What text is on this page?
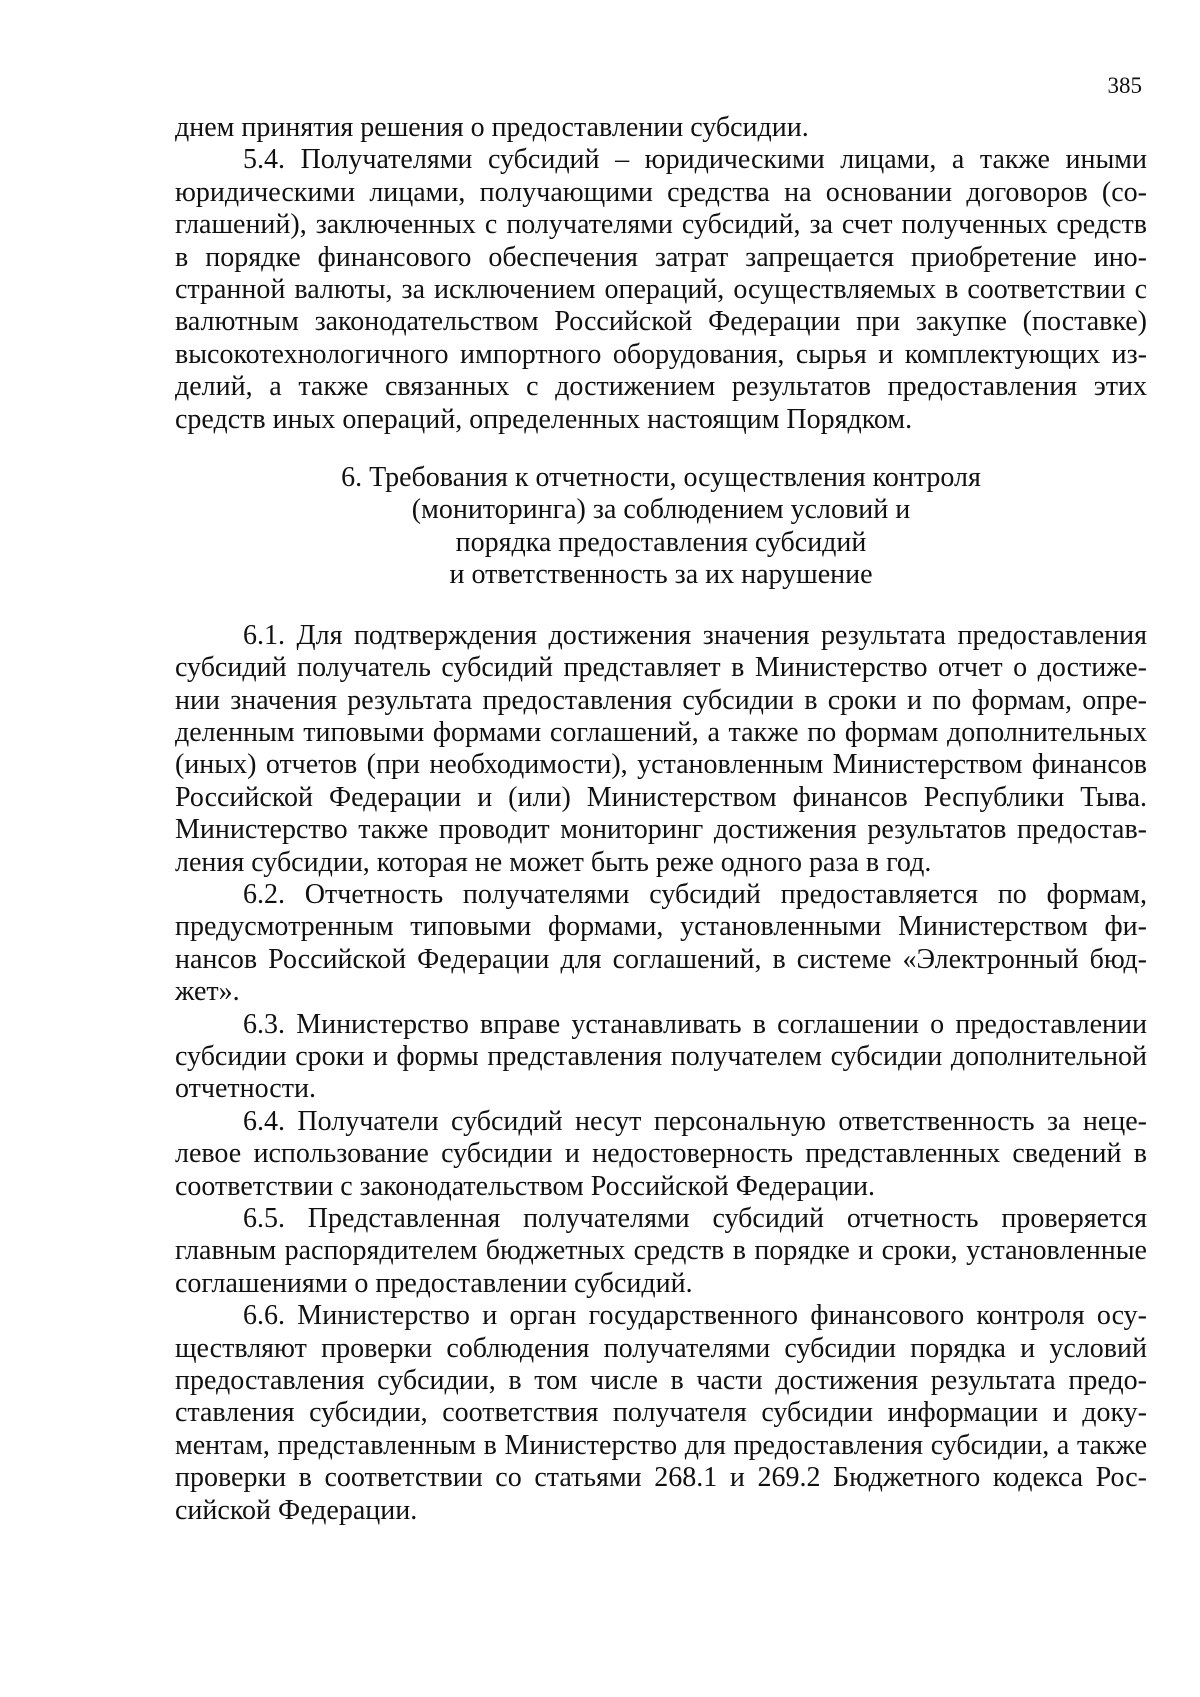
385

днем принятия решения о предоставлении субсидии.

5.4. Получателями субсидий – юридическими лицами, а также иными юридическими лицами, получающими средства на основании договоров (соглашений), заключенных с получателями субсидий, за счет полученных средств в порядке финансового обеспечения затрат запрещается приобретение иностранной валюты, за исключением операций, осуществляемых в соответствии с валютным законодательством Российской Федерации при закупке (поставке) высокотехнологичного импортного оборудования, сырья и комплектующих изделий, а также связанных с достижением результатов предоставления этих средств иных операций, определенных настоящим Порядком.

6. Требования к отчетности, осуществления контроля
(мониторинга) за соблюдением условий и
порядка предоставления субсидий
и ответственность за их нарушение

6.1. Для подтверждения достижения значения результата предоставления субсидий получатель субсидий представляет в Министерство отчет о достижении значения результата предоставления субсидии в сроки и по формам, определенным типовыми формами соглашений, а также по формам дополнительных (иных) отчетов (при необходимости), установленным Министерством финансов Российской Федерации и (или) Министерством финансов Республики Тыва. Министерство также проводит мониторинг достижения результатов предоставления субсидии, которая не может быть реже одного раза в год.

6.2. Отчетность получателями субсидий предоставляется по формам, предусмотренным типовыми формами, установленными Министерством финансов Российской Федерации для соглашений, в системе «Электронный бюджет».

6.3. Министерство вправе устанавливать в соглашении о предоставлении субсидии сроки и формы представления получателем субсидии дополнительной отчетности.

6.4. Получатели субсидий несут персональную ответственность за нецелевое использование субсидии и недостоверность представленных сведений в соответствии с законодательством Российской Федерации.

6.5. Представленная получателями субсидий отчетность проверяется главным распорядителем бюджетных средств в порядке и сроки, установленные соглашениями о предоставлении субсидий.

6.6. Министерство и орган государственного финансового контроля осуществляют проверки соблюдения получателями субсидии порядка и условий предоставления субсидии, в том числе в части достижения результата предоставления субсидии, соответствия получателя субсидии информации и документам, представленным в Министерство для предоставления субсидии, а также проверки в соответствии со статьями 268.1 и 269.2 Бюджетного кодекса Российской Федерации.
